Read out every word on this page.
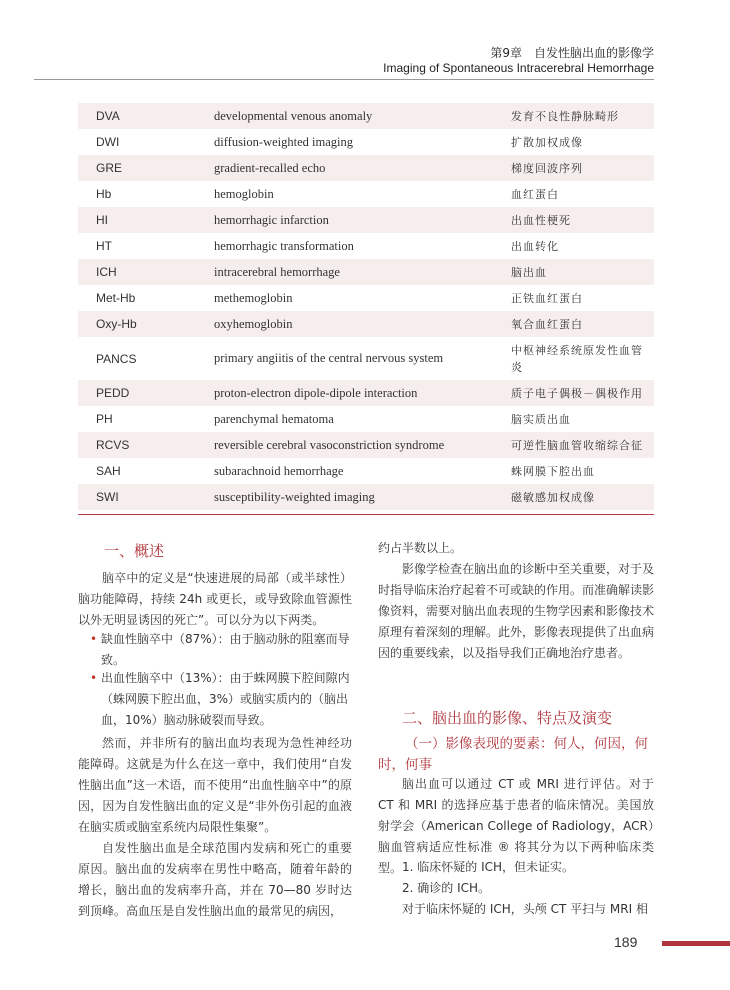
第9章　自发性脑出血的影像学
Imaging of Spontaneous Intracerebral Hemorrhage
DVA	developmental venous anomaly	发育不良性静脉畸形
DWI	diffusion-weighted imaging	扩散加权成像
GRE	gradient-recalled echo	梯度回波序列
Hb	hemoglobin	血红蛋白
HI	hemorrhagic infarction	出血性梗死
HT	hemorrhagic transformation	出血转化
ICH	intracerebral hemorrhage	脑出血
Met-Hb	methemoglobin	正铁血红蛋白
Oxy-Hb	oxyhemoglobin	氧合血红蛋白
PANCS	primary angiitis of the central nervous system	中枢神经系统原发性血管炎
PEDD	proton-electron dipole-dipole interaction	质子电子偶极－偶极作用
PH	parenchymal hematoma	脑实质出血
RCVS	reversible cerebral vasoconstriction syndrome	可逆性脑血管收缩综合征
SAH	subarachnoid hemorrhage	蛛网膜下腔出血
SWI	susceptibility-weighted imaging	磁敏感加权成像
一、概述
脑卒中的定义是“快速进展的局部（或半球性）脑功能障碍，持续 24h 或更长，或导致除血管源性以外无明显诱因的死亡”。可以分为以下两类。
• 缺血性脑卒中（87%）：由于脑动脉的阻塞而导致。
• 出血性脑卒中（13%）：由于蛛网膜下腔间隙内（蛛网膜下腔出血，3%）或脑实质内的（脑出血，10%）脑动脉破裂而导致。
然而，并非所有的脑出血均表现为急性神经功能障碍。这就是为什么在这一章中，我们使用“自发性脑出血”这一术语，而不使用“出血性脑卒中”的原因，因为自发性脑出血的定义是“非外伤引起的血液在脑实质或脑室系统内局限性集聚”。
自发性脑出血是全球范围内发病和死亡的重要原因。脑出血的发病率在男性中略高，随着年龄的增长，脑出血的发病率升高，并在 70—80 岁时达到顶峰。高血压是自发性脑出血的最常见的病因，
约占半数以上。
影像学检查在脑出血的诊断中至关重要，对于及时指导临床治疗起着不可或缺的作用。而准确解读影像资料，需要对脑出血表现的生物学因素和影像技术原理有着深刻的理解。此外，影像表现提供了出血病因的重要线索，以及指导我们正确地治疗患者。
二、脑出血的影像、特点及演变
（一）影像表现的要素：何人，何因，何时，何事
脑出血可以通过 CT 或 MRI 进行评估。对于 CT 和 MRI 的选择应基于患者的临床情况。美国放射学会（American College of Radiology，ACR）脑血管病适应性标准 ® 将其分为以下两种临床类型。 1. 临床怀疑的 ICH，但未证实。
2. 确诊的 ICH。
对于临床怀疑的 ICH，头颅 CT 平扫与 MRI 相
189
